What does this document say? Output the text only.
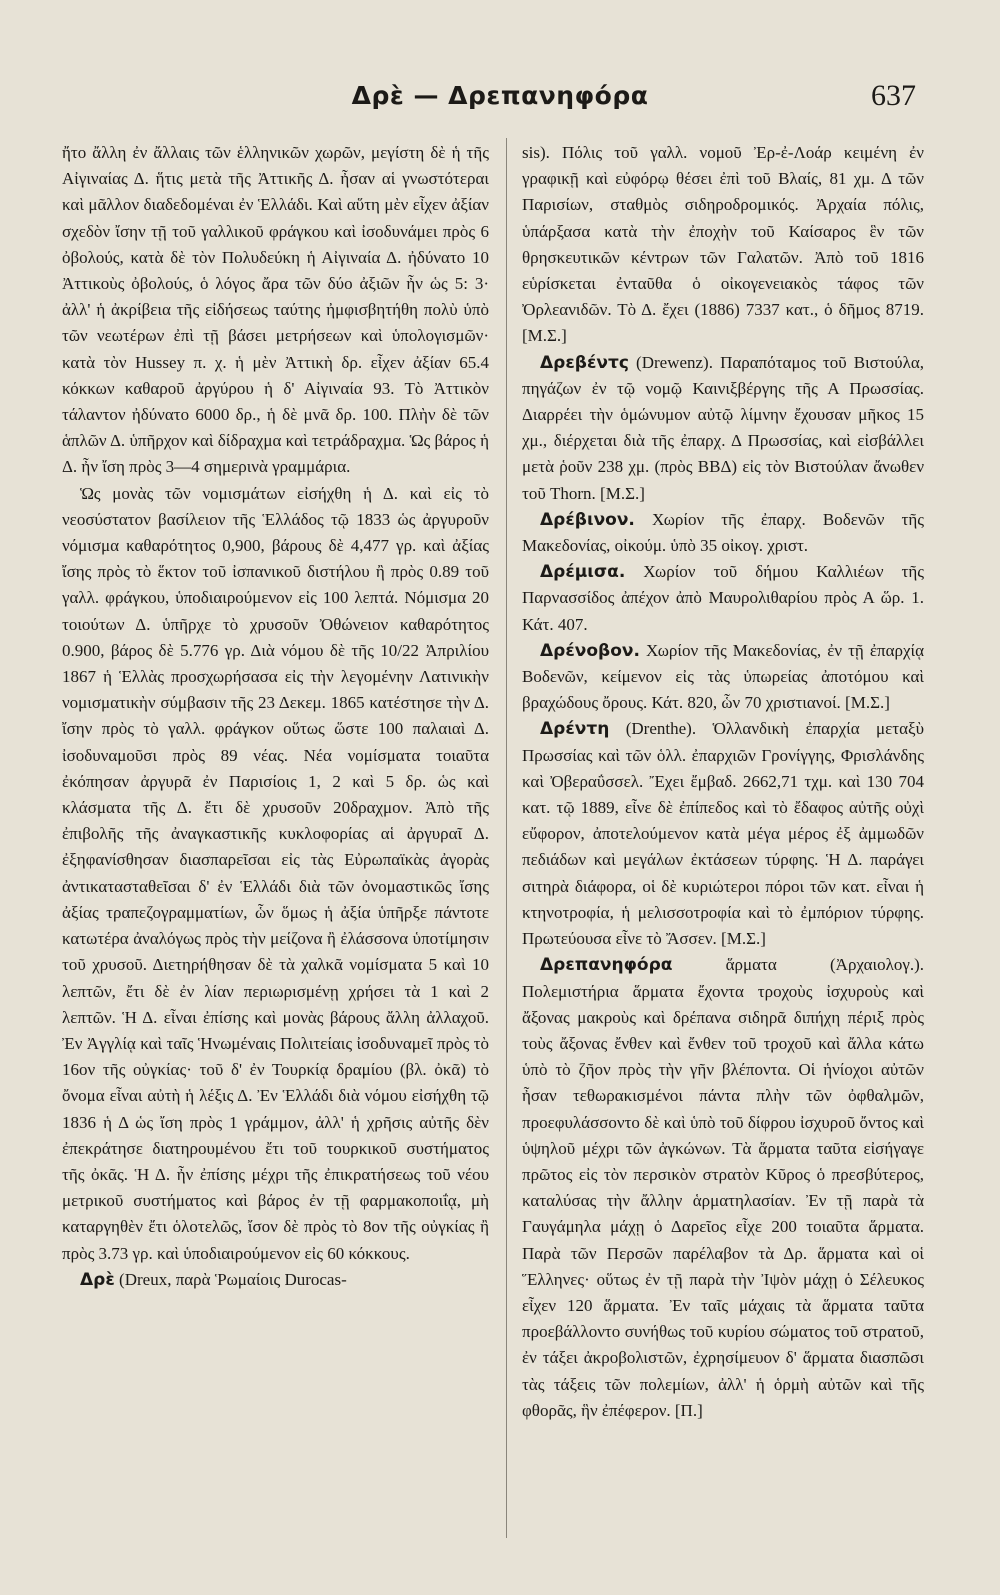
Δρὲ — Δρεπανηφόρα	637

ἤτο ἄλλη ἐν ἄλλαις τῶν ἑλληνικῶν χωρῶν, μεγίστη δὲ ἡ τῆς Αἰγιναίας Δ. ἥτις μετὰ τῆς Ἀττικῆς Δ. ἦσαν αἱ γνωστότεραι καὶ μᾶλλον διαδεδομέναι ἐν Ἑλλάδι. Καὶ αὕτη μὲν εἶχεν ἀξίαν σχεδὸν ἴσην τῇ τοῦ γαλλικοῦ φράγκου καὶ ἰσοδυνάμει πρὸς 6 ὀβολούς, κατὰ δὲ τὸν Πολυδεύκη ἡ Αἰγιναία Δ. ἠδύνατο 10 Ἀττικοὺς ὀβολούς, ὁ λόγος ἄρα τῶν δύο ἀξιῶν ἦν ὡς 5: 3· ἀλλ' ἡ ἀκρίβεια τῆς εἰδήσεως ταύτης ἠμφισβητήθη πολὺ ὑπὸ τῶν νεωτέρων ἐπὶ τῇ βάσει μετρήσεων καὶ ὑπολογισμῶν· κατὰ τὸν Hussey π. χ. ἡ μὲν Ἀττικὴ δρ. εἶχεν ἀξίαν 65.4 κόκκων καθαροῦ ἀργύρου ἡ δ' Αἰγιναία 93. Τὸ Ἀττικὸν τάλαντον ἠδύνατο 6000 δρ., ἡ δὲ μνᾶ δρ. 100. Πλὴν δὲ τῶν ἁπλῶν Δ. ὑπῆρχον καὶ δίδραχμα καὶ τετράδραχμα. Ὡς βάρος ἡ Δ. ἦν ἴση πρὸς 3—4 σημερινὰ γραμμάρια.

Ὡς μονὰς τῶν νομισμάτων εἰσήχθη ἡ Δ. καὶ εἰς τὸ νεοσύστατον βασίλειον τῆς Ἑλλάδος τῷ 1833 ὡς ἀργυροῦν νόμισμα καθαρότητος 0,900, βάρους δὲ 4,477 γρ. καὶ ἀξίας ἴσης πρὸς τὸ ἕκτον τοῦ ἰσπανικοῦ διστήλου ἢ πρὸς 0.89 τοῦ γαλλ. φράγκου, ὑποδιαιρούμενον εἰς 100 λεπτά. Νόμισμα 20 τοιούτων Δ. ὑπῆρχε τὸ χρυσοῦν Ὀθώνειον καθαρότητος 0.900, βάρος δὲ 5.776 γρ. Διὰ νόμου δὲ τῆς 10/22 Ἀπριλίου 1867 ἡ Ἑλλὰς προσχωρήσασα εἰς τὴν λεγομένην Λατινικὴν νομισματικὴν σύμβασιν τῆς 23 Δεκεμ. 1865 κατέστησε τὴν Δ. ἴσην πρὸς τὸ γαλλ. φράγκον οὕτως ὥστε 100 παλαιαὶ Δ. ἰσοδυναμοῦσι πρὸς 89 νέας. Νέα νομίσματα τοιαῦτα ἐκόπησαν ἀργυρᾶ ἐν Παρισίοις 1, 2 καὶ 5 δρ. ὡς καὶ κλάσματα τῆς Δ. ἔτι δὲ χρυσοῦν 20δραχμον. Ἀπὸ τῆς ἐπιβολῆς τῆς ἀναγκαστικῆς κυκλοφορίας αἱ ἀργυραῖ Δ. ἐξηφανίσθησαν διασπαρεῖσαι εἰς τὰς Εὐρωπαϊκὰς ἀγορὰς ἀντικατασταθεῖσαι δ' ἐν Ἑλλάδι διὰ τῶν ὀνομαστικῶς ἴσης ἀξίας τραπεζογραμματίων, ὧν ὅμως ἡ ἀξία ὑπῆρξε πάντοτε κατωτέρα ἀναλόγως πρὸς τὴν μείζονα ἢ ἐλάσσονα ὑποτίμησιν τοῦ χρυσοῦ. Διετηρήθησαν δὲ τὰ χαλκᾶ νομίσματα 5 καὶ 10 λεπτῶν, ἔτι δὲ ἐν λίαν περιωρισμένῃ χρήσει τὰ 1 καὶ 2 λεπτῶν. Ἡ Δ. εἶναι ἐπίσης καὶ μονὰς βάρους ἄλλη ἀλλαχοῦ. Ἐν Ἀγγλίᾳ καὶ ταῖς Ἡνωμέναις Πολιτείαις ἰσοδυναμεῖ πρὸς τὸ 16ον τῆς οὐγκίας· τοῦ δ' ἐν Τουρκίᾳ δραμίου (βλ. ὀκᾶ) τὸ ὄνομα εἶναι αὐτὴ ἡ λέξις Δ. Ἐν Ἑλλάδι διὰ νόμου εἰσήχθη τῷ 1836 ἡ Δ ὡς ἴση πρὸς 1 γράμμον, ἀλλ' ἡ χρῆσις αὐτῆς δὲν ἐπεκράτησε διατηρουμένου ἔτι τοῦ τουρκικοῦ συστήματος τῆς ὀκᾶς. Ἡ Δ. ἦν ἐπίσης μέχρι τῆς ἐπικρατήσεως τοῦ νέου μετρικοῦ συστήματος καὶ βάρος ἐν τῇ φαρμακοποιΐᾳ, μὴ καταργηθὲν ἔτι ὁλοτελῶς, ἴσον δὲ πρὸς τὸ 8ον τῆς οὐγκίας ἢ πρὸς 3.73 γρ. καὶ ὑποδιαιρούμενον εἰς 60 κόκκους.

Δρὲ (Dreux, παρὰ Ῥωμαίοις Durocas-

sis). Πόλις τοῦ γαλλ. νομοῦ Ἐρ-ἐ-Λοάρ κειμένη ἐν γραφικῇ καὶ εὐφόρῳ θέσει ἐπὶ τοῦ Βλαίς, 81 χμ. Δ τῶν Παρισίων, σταθμὸς σιδηροδρομικός. Ἀρχαία πόλις, ὑπάρξασα κατὰ τὴν ἐποχὴν τοῦ Καίσαρος ἓν τῶν θρησκευτικῶν κέντρων τῶν Γαλατῶν. Ἀπὸ τοῦ 1816 εὑρίσκεται ἐνταῦθα ὁ οἰκογενειακὸς τάφος τῶν Ὀρλεανιδῶν. Τὸ Δ. ἔχει (1886) 7337 κατ., ὁ δῆμος 8719. [Μ.Σ.]

Δρεβέντς (Drewenz). Παραπόταμος τοῦ Βιστούλα, πηγάζων ἐν τῷ νομῷ Καινιξβέργης τῆς Α Πρωσσίας. Διαρρέει τὴν ὁμώνυμον αὐτῷ λίμνην ἔχουσαν μῆκος 15 χμ., διέρχεται διὰ τῆς ἐπαρχ. Δ Πρωσσίας, καὶ εἰσβάλλει μετὰ ῥοῦν 238 χμ. (πρὸς ΒΒΔ) εἰς τὸν Βιστούλαν ἄνωθεν τοῦ Thorn. [Μ.Σ.]

Δρέβινον. Χωρίον τῆς ἐπαρχ. Βοδενῶν τῆς Μακεδονίας, οἰκούμ. ὑπὸ 35 οἰκογ. χριστ.

Δρέμισα. Χωρίον τοῦ δήμου Καλλιέων τῆς Παρνασσίδος ἀπέχον ἀπὸ Μαυρολιθαρίου πρὸς Α ὥρ. 1. Κάτ. 407.

Δρένοβον. Χωρίον τῆς Μακεδονίας, ἐν τῇ ἐπαρχίᾳ Βοδενῶν, κείμενον εἰς τὰς ὑπωρείας ἀποτόμου καὶ βραχώδους ὄρους. Κάτ. 820, ὧν 70 χριστιανοί. [Μ.Σ.]

Δρέντη (Drenthe). Ὁλλανδικὴ ἐπαρχία μεταξὺ Πρωσσίας καὶ τῶν ὁλλ. ἐπαρχιῶν Γρονίγγης, Φρισλάνδης καὶ Ὀβεραΰσσελ. Ἔχει ἔμβαδ. 2662,71 τχμ. καὶ 130 704 κατ. τῷ 1889, εἶνε δὲ ἐπίπεδος καὶ τὸ ἔδαφος αὐτῆς οὐχὶ εὔφορον, ἀποτελούμενον κατὰ μέγα μέρος ἐξ ἀμμωδῶν πεδιάδων καὶ μεγάλων ἐκτάσεων τύρφης. Ἡ Δ. παράγει σιτηρὰ διάφορα, οἱ δὲ κυριώτεροι πόροι τῶν κατ. εἶναι ἡ κτηνοτροφία, ἡ μελισσοτροφία καὶ τὸ ἐμπόριον τύρφης. Πρωτεύουσα εἶνε τὸ Ἄσσεν. [Μ.Σ.]

Δρεπανηφόρα ἅρματα (Ἀρχαιολογ.). Πολεμιστήρια ἅρματα ἔχοντα τροχοὺς ἰσχυροὺς καὶ ἄξονας μακροὺς καὶ δρέπανα σιδηρᾶ διπήχη πέριξ πρὸς τοὺς ἄξονας ἔνθεν καὶ ἔνθεν τοῦ τροχοῦ καὶ ἄλλα κάτω ὑπὸ τὸ ζῆον πρὸς τὴν γῆν βλέποντα. Οἱ ἡνίοχοι αὐτῶν ἦσαν τεθωρακισμένοι πάντα πλὴν τῶν ὀφθαλμῶν, προεφυλάσσοντο δὲ καὶ ὑπὸ τοῦ δίφρου ἰσχυροῦ ὄντος καὶ ὑψηλοῦ μέχρι τῶν ἀγκώνων. Τὰ ἅρματα ταῦτα εἰσήγαγε πρῶτος εἰς τὸν περσικὸν στρατὸν Κῦρος ὁ πρεσβύτερος, καταλύσας τὴν ἄλλην ἁρματηλασίαν. Ἐν τῇ παρὰ τὰ Γαυγάμηλα μάχῃ ὁ Δαρεῖος εἶχε 200 τοιαῦτα ἅρματα. Παρὰ τῶν Περσῶν παρέλαβον τὰ Δρ. ἅρματα καὶ οἱ Ἕλληνες· οὕτως ἐν τῇ παρὰ τὴν Ἰψὸν μάχῃ ὁ Σέλευκος εἶχεν 120 ἅρματα. Ἐν ταῖς μάχαις τὰ ἅρματα ταῦτα προεβάλλοντο συνήθως τοῦ κυρίου σώματος τοῦ στρατοῦ, ἐν τάξει ἀκροβολιστῶν, ἐχρησίμευον δ' ἅρματα διασπῶσι τὰς τάξεις τῶν πολεμίων, ἀλλ' ἡ ὁρμὴ αὐτῶν καὶ τῆς φθορᾶς, ἣν ἐπέφερον. [Π.]
